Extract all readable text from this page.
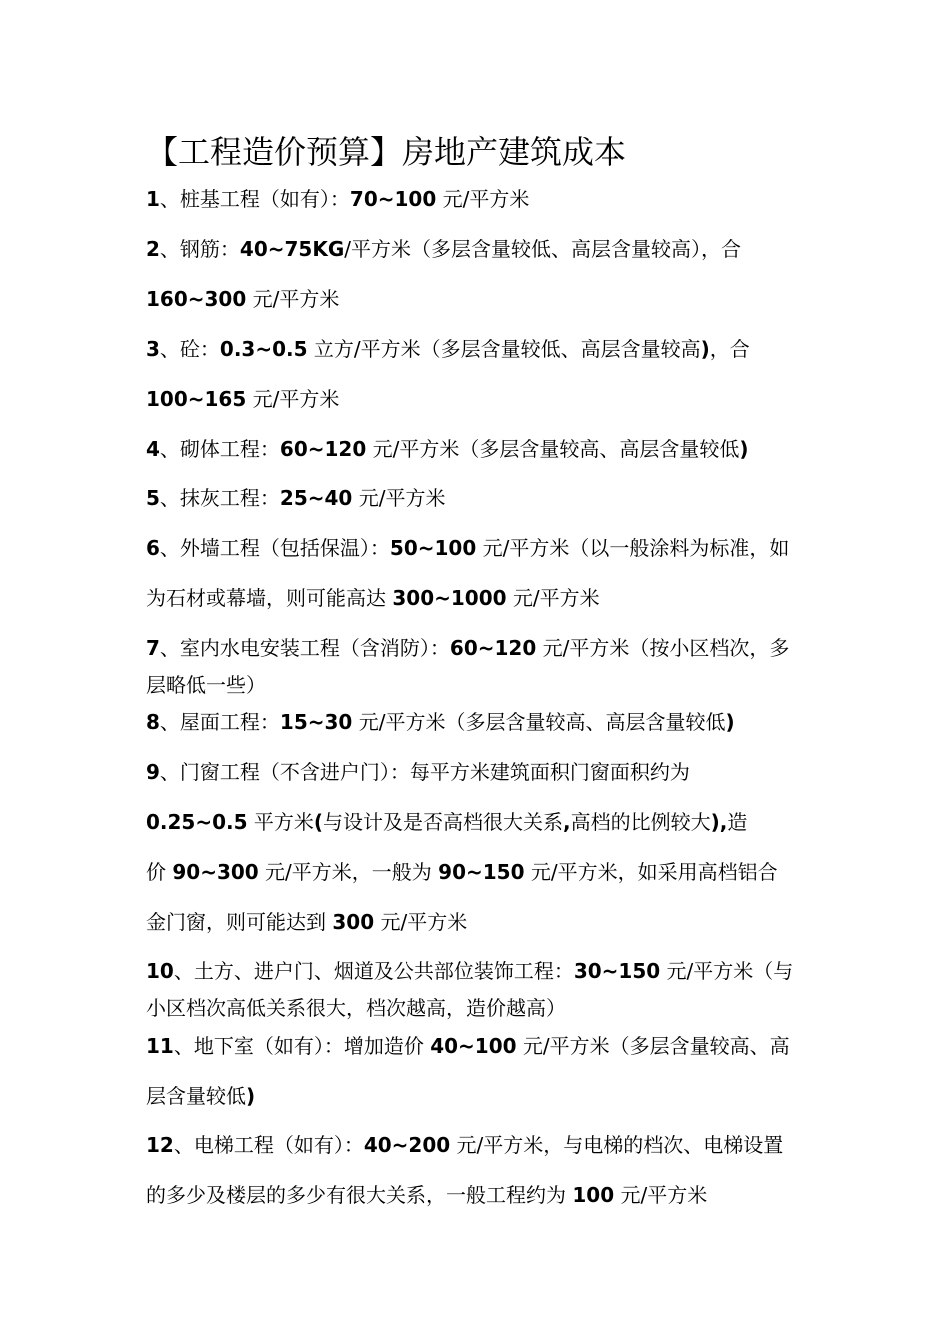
【工程造价预算】房地产建筑成本
1、桩基工程（如有）：70~100 元/平方米
2、钢筋：40~75KG/平方米（多层含量较低、高层含量较高），合
160~300 元/平方米
3、砼：0.3~0.5 立方/平方米（多层含量较低、高层含量较高)，合
100~165 元/平方米
4、砌体工程：60~120 元/平方米（多层含量较高、高层含量较低)
5、抹灰工程：25~40 元/平方米
6、外墙工程（包括保温）：50~100 元/平方米（以一般涂料为标准，如
为石材或幕墙，则可能高达 300~1000 元/平方米
7、室内水电安装工程（含消防）：60~120 元/平方米（按小区档次，多
层略低一些）
8、屋面工程：15~30 元/平方米（多层含量较高、高层含量较低)
9、门窗工程（不含进户门）：每平方米建筑面积门窗面积约为
0.25~0.5 平方米(与设计及是否高档很大关系,高档的比例较大),造
价 90~300 元/平方米，一般为 90~150 元/平方米，如采用高档铝合
金门窗，则可能达到 300 元/平方米
10、土方、进户门、烟道及公共部位装饰工程：30~150 元/平方米（与
小区档次高低关系很大，档次越高，造价越高）
11、地下室（如有）：增加造价 40~100 元/平方米（多层含量较高、高
层含量较低)
12、电梯工程（如有）：40~200 元/平方米，与电梯的档次、电梯设置
的多少及楼层的多少有很大关系，一般工程约为 100 元/平方米
